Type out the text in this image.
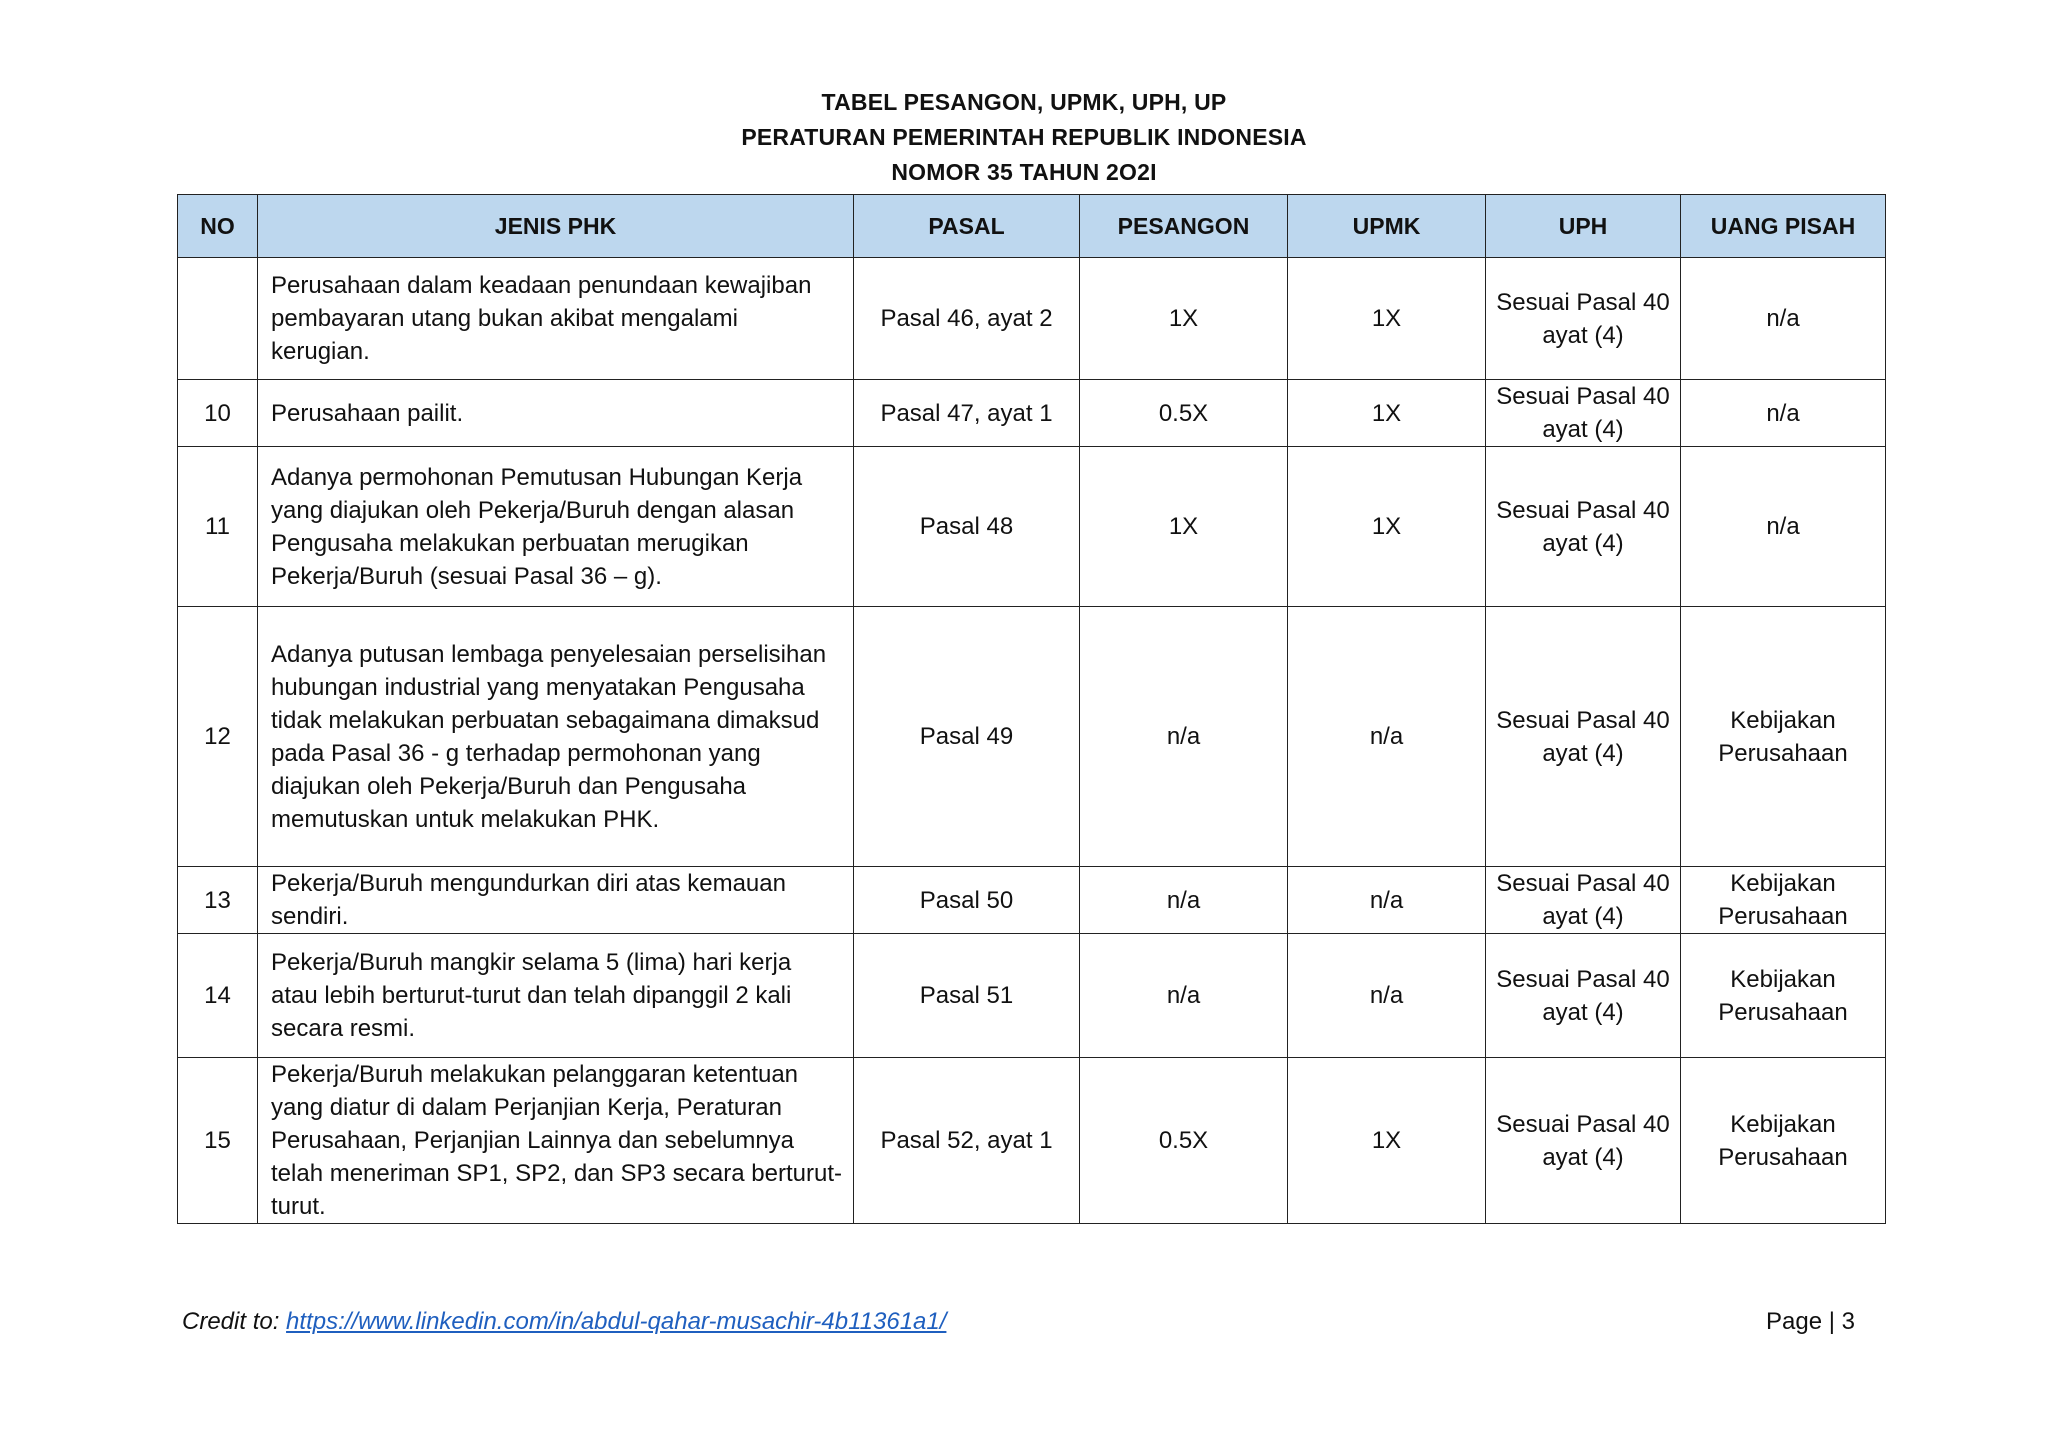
TABEL PESANGON, UPMK, UPH, UP
PERATURAN PEMERINTAH REPUBLIK INDONESIA
NOMOR 35 TAHUN 2O2I
NO	JENIS PHK	PASAL	PESANGON	UPMK	UPH	UANG PISAH
	Perusahaan dalam keadaan penundaan kewajiban pembayaran utang bukan akibat mengalami kerugian.	Pasal 46, ayat 2	1X	1X	Sesuai Pasal 40 ayat (4)	n/a
10	Perusahaan pailit.	Pasal 47, ayat 1	0.5X	1X	Sesuai Pasal 40 ayat (4)	n/a
11	Adanya permohonan Pemutusan Hubungan Kerja yang diajukan oleh Pekerja/Buruh dengan alasan Pengusaha melakukan perbuatan merugikan Pekerja/Buruh (sesuai Pasal 36 – g).	Pasal 48	1X	1X	Sesuai Pasal 40 ayat (4)	n/a
12	Adanya putusan lembaga penyelesaian perselisihan hubungan industrial yang menyatakan Pengusaha tidak melakukan perbuatan sebagaimana dimaksud pada Pasal 36 - g terhadap permohonan yang diajukan oleh Pekerja/Buruh dan Pengusaha memutuskan untuk melakukan PHK.	Pasal 49	n/a	n/a	Sesuai Pasal 40 ayat (4)	Kebijakan Perusahaan
13	Pekerja/Buruh mengundurkan diri atas kemauan sendiri.	Pasal 50	n/a	n/a	Sesuai Pasal 40 ayat (4)	Kebijakan Perusahaan
14	Pekerja/Buruh mangkir selama 5 (lima) hari kerja atau lebih berturut-turut dan telah dipanggil 2 kali secara resmi.	Pasal 51	n/a	n/a	Sesuai Pasal 40 ayat (4)	Kebijakan Perusahaan
15	Pekerja/Buruh melakukan pelanggaran ketentuan yang diatur di dalam Perjanjian Kerja, Peraturan Perusahaan, Perjanjian Lainnya dan sebelumnya telah meneriman SP1, SP2, dan SP3 secara berturut-turut.	Pasal 52, ayat 1	0.5X	1X	Sesuai Pasal 40 ayat (4)	Kebijakan Perusahaan
Credit to: https://www.linkedin.com/in/abdul-qahar-musachir-4b11361a1/	Page | 3
